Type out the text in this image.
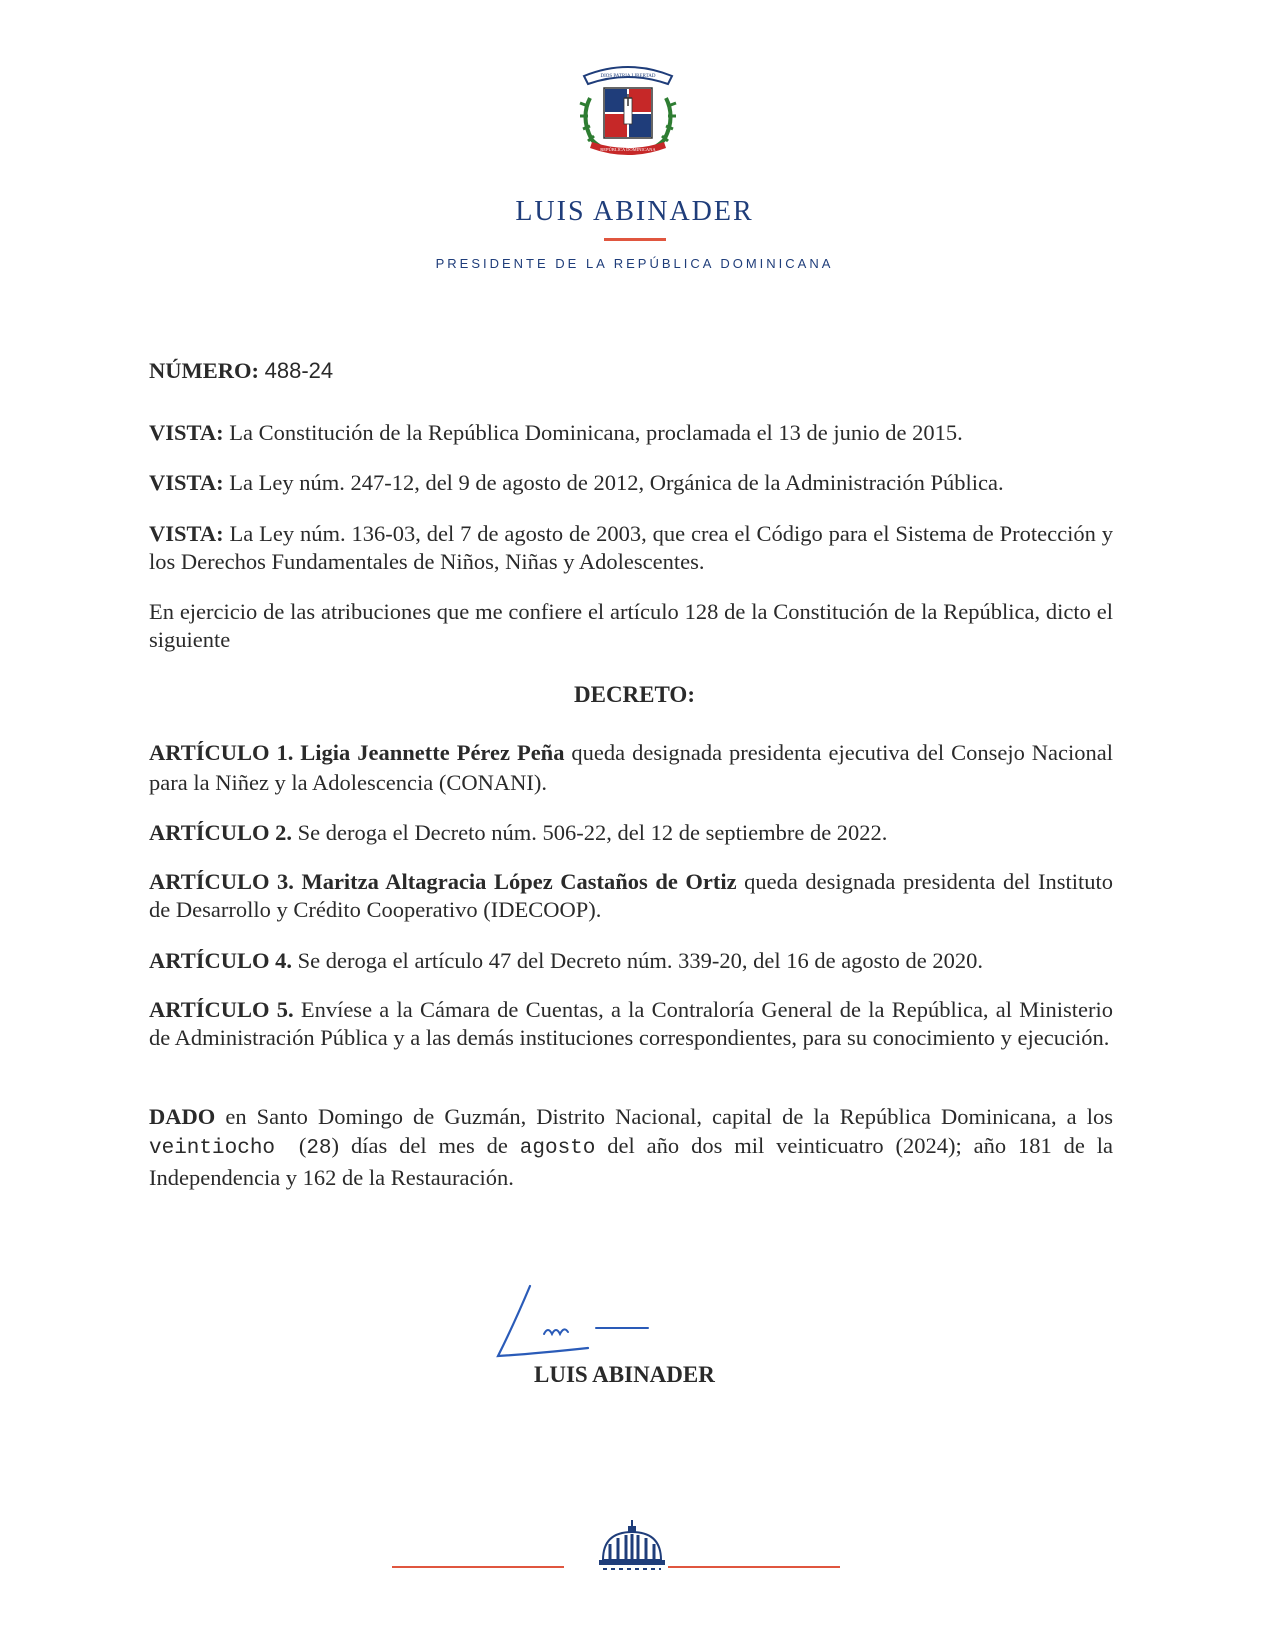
DIOS PATRIA LIBERTAD
REPÚBLICA DOMINICANA
LUIS ABINADER
PRESIDENTE DE LA REPÚBLICA DOMINICANA

NÚMERO: 488-24

VISTA: La Constitución de la República Dominicana, proclamada el 13 de junio de 2015.

VISTA: La Ley núm. 247-12, del 9 de agosto de 2012, Orgánica de la Administración Pública.

VISTA: La Ley núm. 136-03, del 7 de agosto de 2003, que crea el Código para el Sistema de Protección y los Derechos Fundamentales de Niños, Niñas y Adolescentes.

En ejercicio de las atribuciones que me confiere el artículo 128 de la Constitución de la República, dicto el siguiente

DECRETO:

ARTÍCULO 1. Ligia Jeannette Pérez Peña queda designada presidenta ejecutiva del Consejo Nacional para la Niñez y la Adolescencia (CONANI).

ARTÍCULO 2. Se deroga el Decreto núm. 506-22, del 12 de septiembre de 2022.

ARTÍCULO 3. Maritza Altagracia López Castaños de Ortiz queda designada presidenta del Instituto de Desarrollo y Crédito Cooperativo (IDECOOP).

ARTÍCULO 4. Se deroga el artículo 47 del Decreto núm. 339-20, del 16 de agosto de 2020.

ARTÍCULO 5. Envíese a la Cámara de Cuentas, a la Contraloría General de la República, al Ministerio de Administración Pública y a las demás instituciones correspondientes, para su conocimiento y ejecución.

DADO en Santo Domingo de Guzmán, Distrito Nacional, capital de la República Dominicana, a los veintiocho  (28) días del mes de agosto del año dos mil veinticuatro (2024); año 181 de la Independencia y 162 de la Restauración.

LUIS ABINADER
